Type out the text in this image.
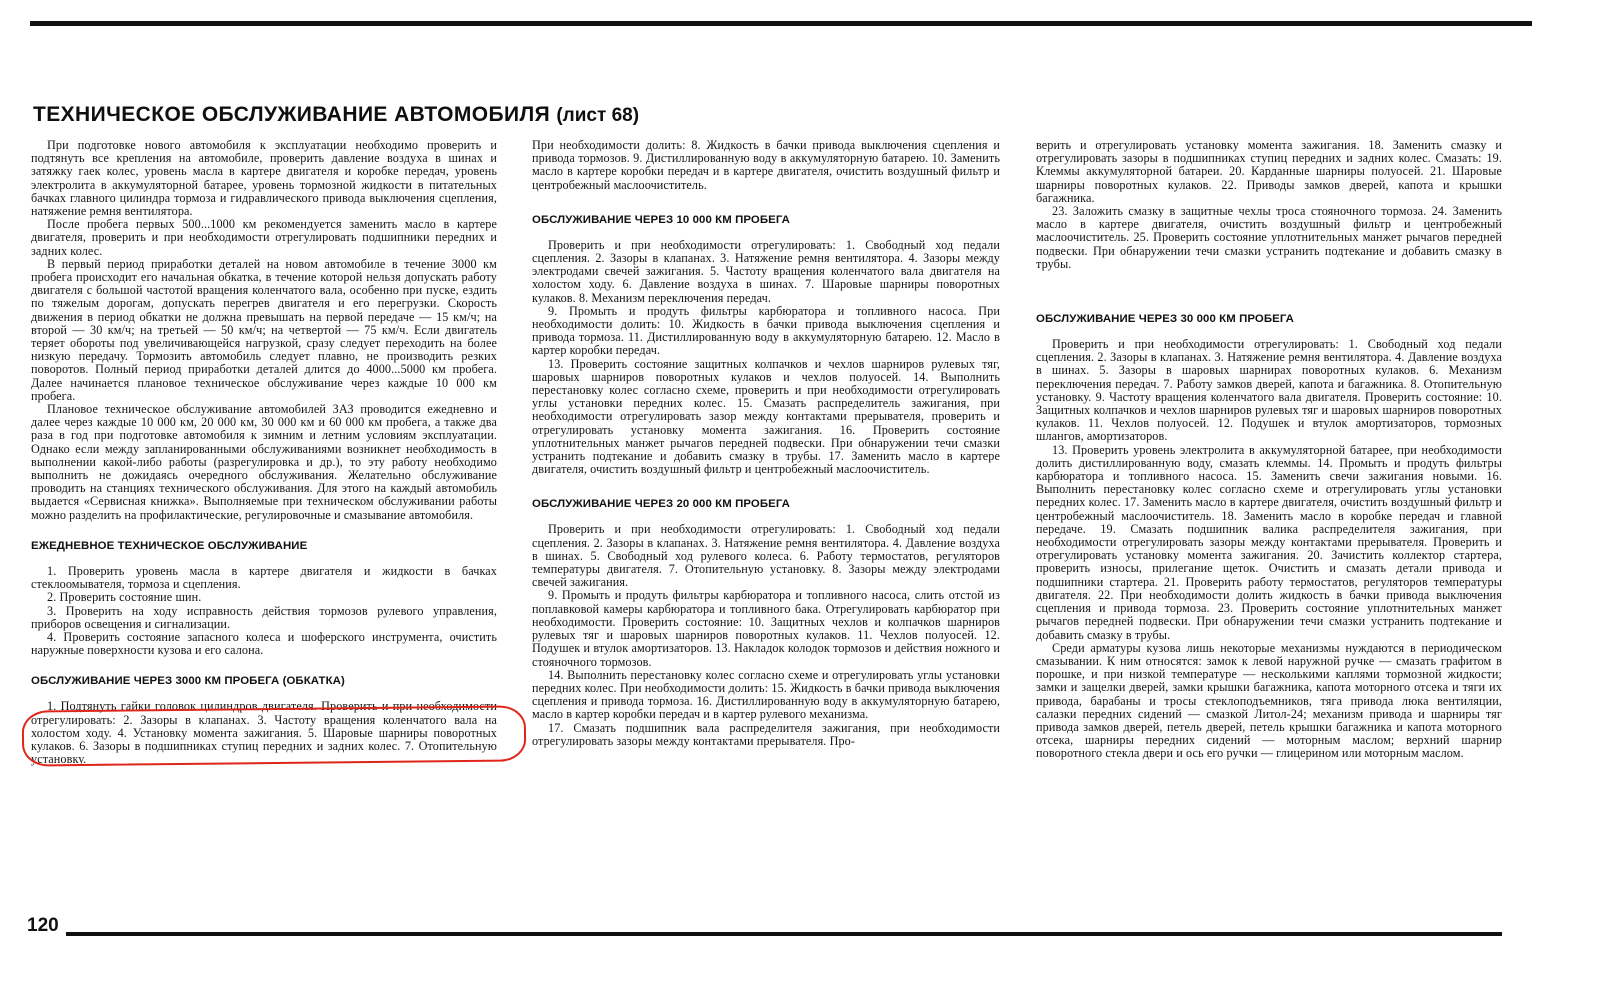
ТЕХНИЧЕСКОЕ ОБСЛУЖИВАНИЕ АВТОМОБИЛЯ (лист 68)

При подготовке нового автомобиля к эксплуатации необходимо проверить и подтянуть все крепления на автомобиле, проверить давление воздуха в шинах и затяжку гаек колес, уровень масла в картере двигателя и коробке передач, уровень электролита в аккумуляторной батарее, уровень тормозной жидкости в питательных бачках главного цилиндра тормоза и гидравлического привода выключения сцепления, натяжение ремня вентилятора.

После пробега первых 500...1000 км рекомендуется заменить масло в картере двигателя, проверить и при необходимости отрегулировать подшипники передних и задних колес.

В первый период приработки деталей на новом автомобиле в течение 3000 км пробега происходит его начальная обкатка, в течение которой нельзя допускать работу двигателя с большой частотой вращения коленчатого вала, особенно при пуске, ездить по тяжелым дорогам, допускать перегрев двигателя и его перегрузки. Скорость движения в период обкатки не должна превышать на первой передаче — 15 км/ч; на второй — 30 км/ч; на третьей — 50 км/ч; на четвертой — 75 км/ч. Если двигатель теряет обороты под увеличивающейся нагрузкой, сразу следует переходить на более низкую передачу. Тормозить автомобиль следует плавно, не производить резких поворотов. Полный период приработки деталей длится до 4000...5000 км пробега. Далее начинается плановое техническое обслуживание через каждые 10 000 км пробега.

Плановое техническое обслуживание автомобилей ЗАЗ проводится ежедневно и далее через каждые 10 000 км, 20 000 км, 30 000 км и 60 000 км пробега, а также два раза в год при подготовке автомобиля к зимним и летним условиям эксплуатации. Однако если между запланированными обслуживаниями возникнет необходимость в выполнении какой-либо работы (разрегулировка и др.), то эту работу необходимо выполнить не дожидаясь очередного обслуживания. Желательно обслуживание проводить на станциях технического обслуживания. Для этого на каждый автомобиль выдается «Сервисная книжка». Выполняемые при техническом обслуживании работы можно разделить на профилактические, регулировочные и смазывание автомобиля.

ЕЖЕДНЕВНОЕ ТЕХНИЧЕСКОЕ ОБСЛУЖИВАНИЕ

1. Проверить уровень масла в картере двигателя и жидкости в бачках стеклоомывателя, тормоза и сцепления.

2. Проверить состояние шин.

3. Проверить на ходу исправность действия тормозов рулевого управления, приборов освещения и сигнализации.

4. Проверить состояние запасного колеса и шоферского инструмента, очистить наружные поверхности кузова и его салона.

ОБСЛУЖИВАНИЕ ЧЕРЕЗ 3000 КМ ПРОБЕГА (ОБКАТКА)

1. Подтянуть гайки головок цилиндров двигателя. Проверить и при необходимости отрегулировать: 2. Зазоры в клапанах. 3. Частоту вращения коленчатого вала на холостом ходу. 4. Установку момента зажигания. 5. Шаровые шарниры поворотных кулаков. 6. Зазоры в подшипниках ступиц передних и задних колес. 7. Отопительную установку.

При необходимости долить: 8. Жидкость в бачки привода выключения сцепления и привода тормозов. 9. Дистиллированную воду в аккумуляторную батарею. 10. Заменить масло в картере коробки передач и в картере двигателя, очистить воздушный фильтр и центробежный маслоочиститель.

ОБСЛУЖИВАНИЕ ЧЕРЕЗ 10 000 КМ ПРОБЕГА

Проверить и при необходимости отрегулировать: 1. Свободный ход педали сцепления. 2. Зазоры в клапанах. 3. Натяжение ремня вентилятора. 4. Зазоры между электродами свечей зажигания. 5. Частоту вращения коленчатого вала двигателя на холостом ходу. 6. Давление воздуха в шинах. 7. Шаровые шарниры поворотных кулаков. 8. Механизм переключения передач.

9. Промыть и продуть фильтры карбюратора и топливного насоса. При необходимости долить: 10. Жидкость в бачки привода выключения сцепления и привода тормоза. 11. Дистиллированную воду в аккумуляторную батарею. 12. Масло в картер коробки передач.

13. Проверить состояние защитных колпачков и чехлов шарниров рулевых тяг, шаровых шарниров поворотных кулаков и чехлов полуосей. 14. Выполнить перестановку колес согласно схеме, проверить и при необходимости отрегулировать углы установки передних колес. 15. Смазать распределитель зажигания, при необходимости отрегулировать зазор между контактами прерывателя, проверить и отрегулировать установку момента зажигания. 16. Проверить состояние уплотнительных манжет рычагов передней подвески. При обнаружении течи смазки устранить подтекание и добавить смазку в трубы. 17. Заменить масло в картере двигателя, очистить воздушный фильтр и центробежный маслоочиститель.

ОБСЛУЖИВАНИЕ ЧЕРЕЗ 20 000 КМ ПРОБЕГА

Проверить и при необходимости отрегулировать: 1. Свободный ход педали сцепления. 2. Зазоры в клапанах. 3. Натяжение ремня вентилятора. 4. Давление воздуха в шинах. 5. Свободный ход рулевого колеса. 6. Работу термостатов, регуляторов температуры двигателя. 7. Отопительную установку. 8. Зазоры между электродами свечей зажигания.

9. Промыть и продуть фильтры карбюратора и топливного насоса, слить отстой из поплавковой камеры карбюратора и топливного бака. Отрегулировать карбюратор при необходимости. Проверить состояние: 10. Защитных чехлов и колпачков шарниров рулевых тяг и шаровых шарниров поворотных кулаков. 11. Чехлов полуосей. 12. Подушек и втулок амортизаторов. 13. Накладок колодок тормозов и действия ножного и стояночного тормозов.

14. Выполнить перестановку колес согласно схеме и отрегулировать углы установки передних колес. При необходимости долить: 15. Жидкость в бачки привода выключения сцепления и привода тормоза. 16. Дистиллированную воду в аккумуляторную батарею, масло в картер коробки передач и в картер рулевого механизма.

17. Смазать подшипник вала распределителя зажигания, при необходимости отрегулировать зазоры между контактами прерывателя. Про-

верить и отрегулировать установку момента зажигания. 18. Заменить смазку и отрегулировать зазоры в подшипниках ступиц передних и задних колес. Смазать: 19. Клеммы аккумуляторной батареи. 20. Карданные шарниры полуосей. 21. Шаровые шарниры поворотных кулаков. 22. Приводы замков дверей, капота и крышки багажника.

23. Заложить смазку в защитные чехлы троса стояночного тормоза. 24. Заменить масло в картере двигателя, очистить воздушный фильтр и центробежный маслоочиститель. 25. Проверить состояние уплотнительных манжет рычагов передней подвески. При обнаружении течи смазки устранить подтекание и добавить смазку в трубы.

ОБСЛУЖИВАНИЕ ЧЕРЕЗ 30 000 КМ ПРОБЕГА

Проверить и при необходимости отрегулировать: 1. Свободный ход педали сцепления. 2. Зазоры в клапанах. 3. Натяжение ремня вентилятора. 4. Давление воздуха в шинах. 5. Зазоры в шаровых шарнирах поворотных кулаков. 6. Механизм переключения передач. 7. Работу замков дверей, капота и багажника. 8. Отопительную установку. 9. Частоту вращения коленчатого вала двигателя. Проверить состояние: 10. Защитных колпачков и чехлов шарниров рулевых тяг и шаровых шарниров поворотных кулаков. 11. Чехлов полуосей. 12. Подушек и втулок амортизаторов, тормозных шлангов, амортизаторов.

13. Проверить уровень электролита в аккумуляторной батарее, при необходимости долить дистиллированную воду, смазать клеммы. 14. Промыть и продуть фильтры карбюратора и топливного насоса. 15. Заменить свечи зажигания новыми. 16. Выполнить перестановку колес согласно схеме и отрегулировать углы установки передних колес. 17. Заменить масло в картере двигателя, очистить воздушный фильтр и центробежный маслоочиститель. 18. Заменить масло в коробке передач и главной передаче. 19. Смазать подшипник валика распределителя зажигания, при необходимости отрегулировать зазоры между контактами прерывателя. Проверить и отрегулировать установку момента зажигания. 20. Зачистить коллектор стартера, проверить износы, прилегание щеток. Очистить и смазать детали привода и подшипники стартера. 21. Проверить работу термостатов, регуляторов температуры двигателя. 22. При необходимости долить жидкость в бачки привода выключения сцепления и привода тормоза. 23. Проверить состояние уплотнительных манжет рычагов передней подвески. При обнаружении течи смазки устранить подтекание и добавить смазку в трубы.

Среди арматуры кузова лишь некоторые механизмы нуждаются в периодическом смазывании. К ним относятся: замок к левой наружной ручке — смазать графитом в порошке, и при низкой температуре — несколькими каплями тормозной жидкости; замки и защелки дверей, замки крышки багажника, капота моторного отсека и тяги их привода, барабаны и тросы стеклоподъемников, тяга привода люка вентиляции, салазки передних сидений — смазкой Литол-24; механизм привода и шарниры тяг привода замков дверей, петель дверей, петель крышки багажника и капота моторного отсека, шарниры передних сидений — моторным маслом; верхний шарнир поворотного стекла двери и ось его ручки — глицерином или моторным маслом.

120
